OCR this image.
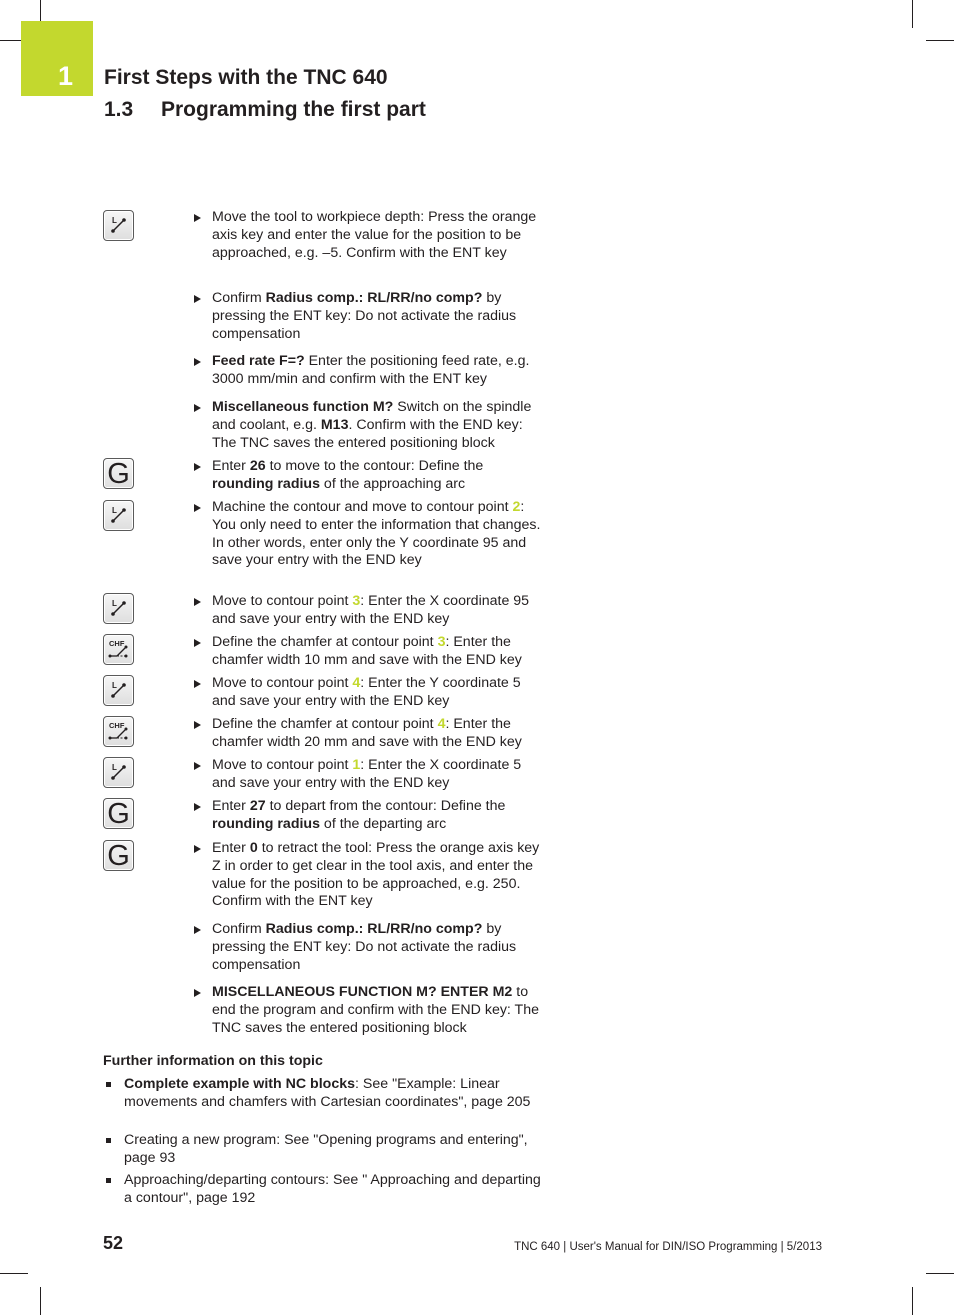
1 First Steps with the TNC 640
1.3 Programming the first part
L
G
L
L
CHF
L
CHF
L
G
G
Move the tool to workpiece depth: Press the orange axis key and enter the value for the position to be approached, e.g. –5. Confirm with the ENT key
Confirm Radius comp.: RL/RR/no comp? by pressing the ENT key: Do not activate the radius compensation
Feed rate F=? Enter the positioning feed rate, e.g. 3000 mm/min and confirm with the ENT key
Miscellaneous function M? Switch on the spindle and coolant, e.g. M13. Confirm with the END key: The TNC saves the entered positioning block
Enter 26 to move to the contour: Define the rounding radius of the approaching arc
Machine the contour and move to contour point 2: You only need to enter the information that changes. In other words, enter only the Y coordinate 95 and save your entry with the END key
Move to contour point 3: Enter the X coordinate 95 and save your entry with the END key
Define the chamfer at contour point 3: Enter the chamfer width 10 mm and save with the END key
Move to contour point 4: Enter the Y coordinate 5 and save your entry with the END key
Define the chamfer at contour point 4: Enter the chamfer width 20 mm and save with the END key
Move to contour point 1: Enter the X coordinate 5 and save your entry with the END key
Enter 27 to depart from the contour: Define the rounding radius of the departing arc
Enter 0 to retract the tool: Press the orange axis key Z in order to get clear in the tool axis, and enter the value for the position to be approached, e.g. 250. Confirm with the ENT key
Confirm Radius comp.: RL/RR/no comp? by pressing the ENT key: Do not activate the radius compensation
MISCELLANEOUS FUNCTION M? ENTER M2 to end the program and confirm with the END key: The TNC saves the entered positioning block
Further information on this topic
Complete example with NC blocks: See "Example: Linear movements and chamfers with Cartesian coordinates", page 205
Creating a new program: See "Opening programs and entering", page 93
Approaching/departing contours: See " Approaching and departing a contour", page 192
52	TNC 640 | User's Manual for DIN/ISO Programming | 5/2013
